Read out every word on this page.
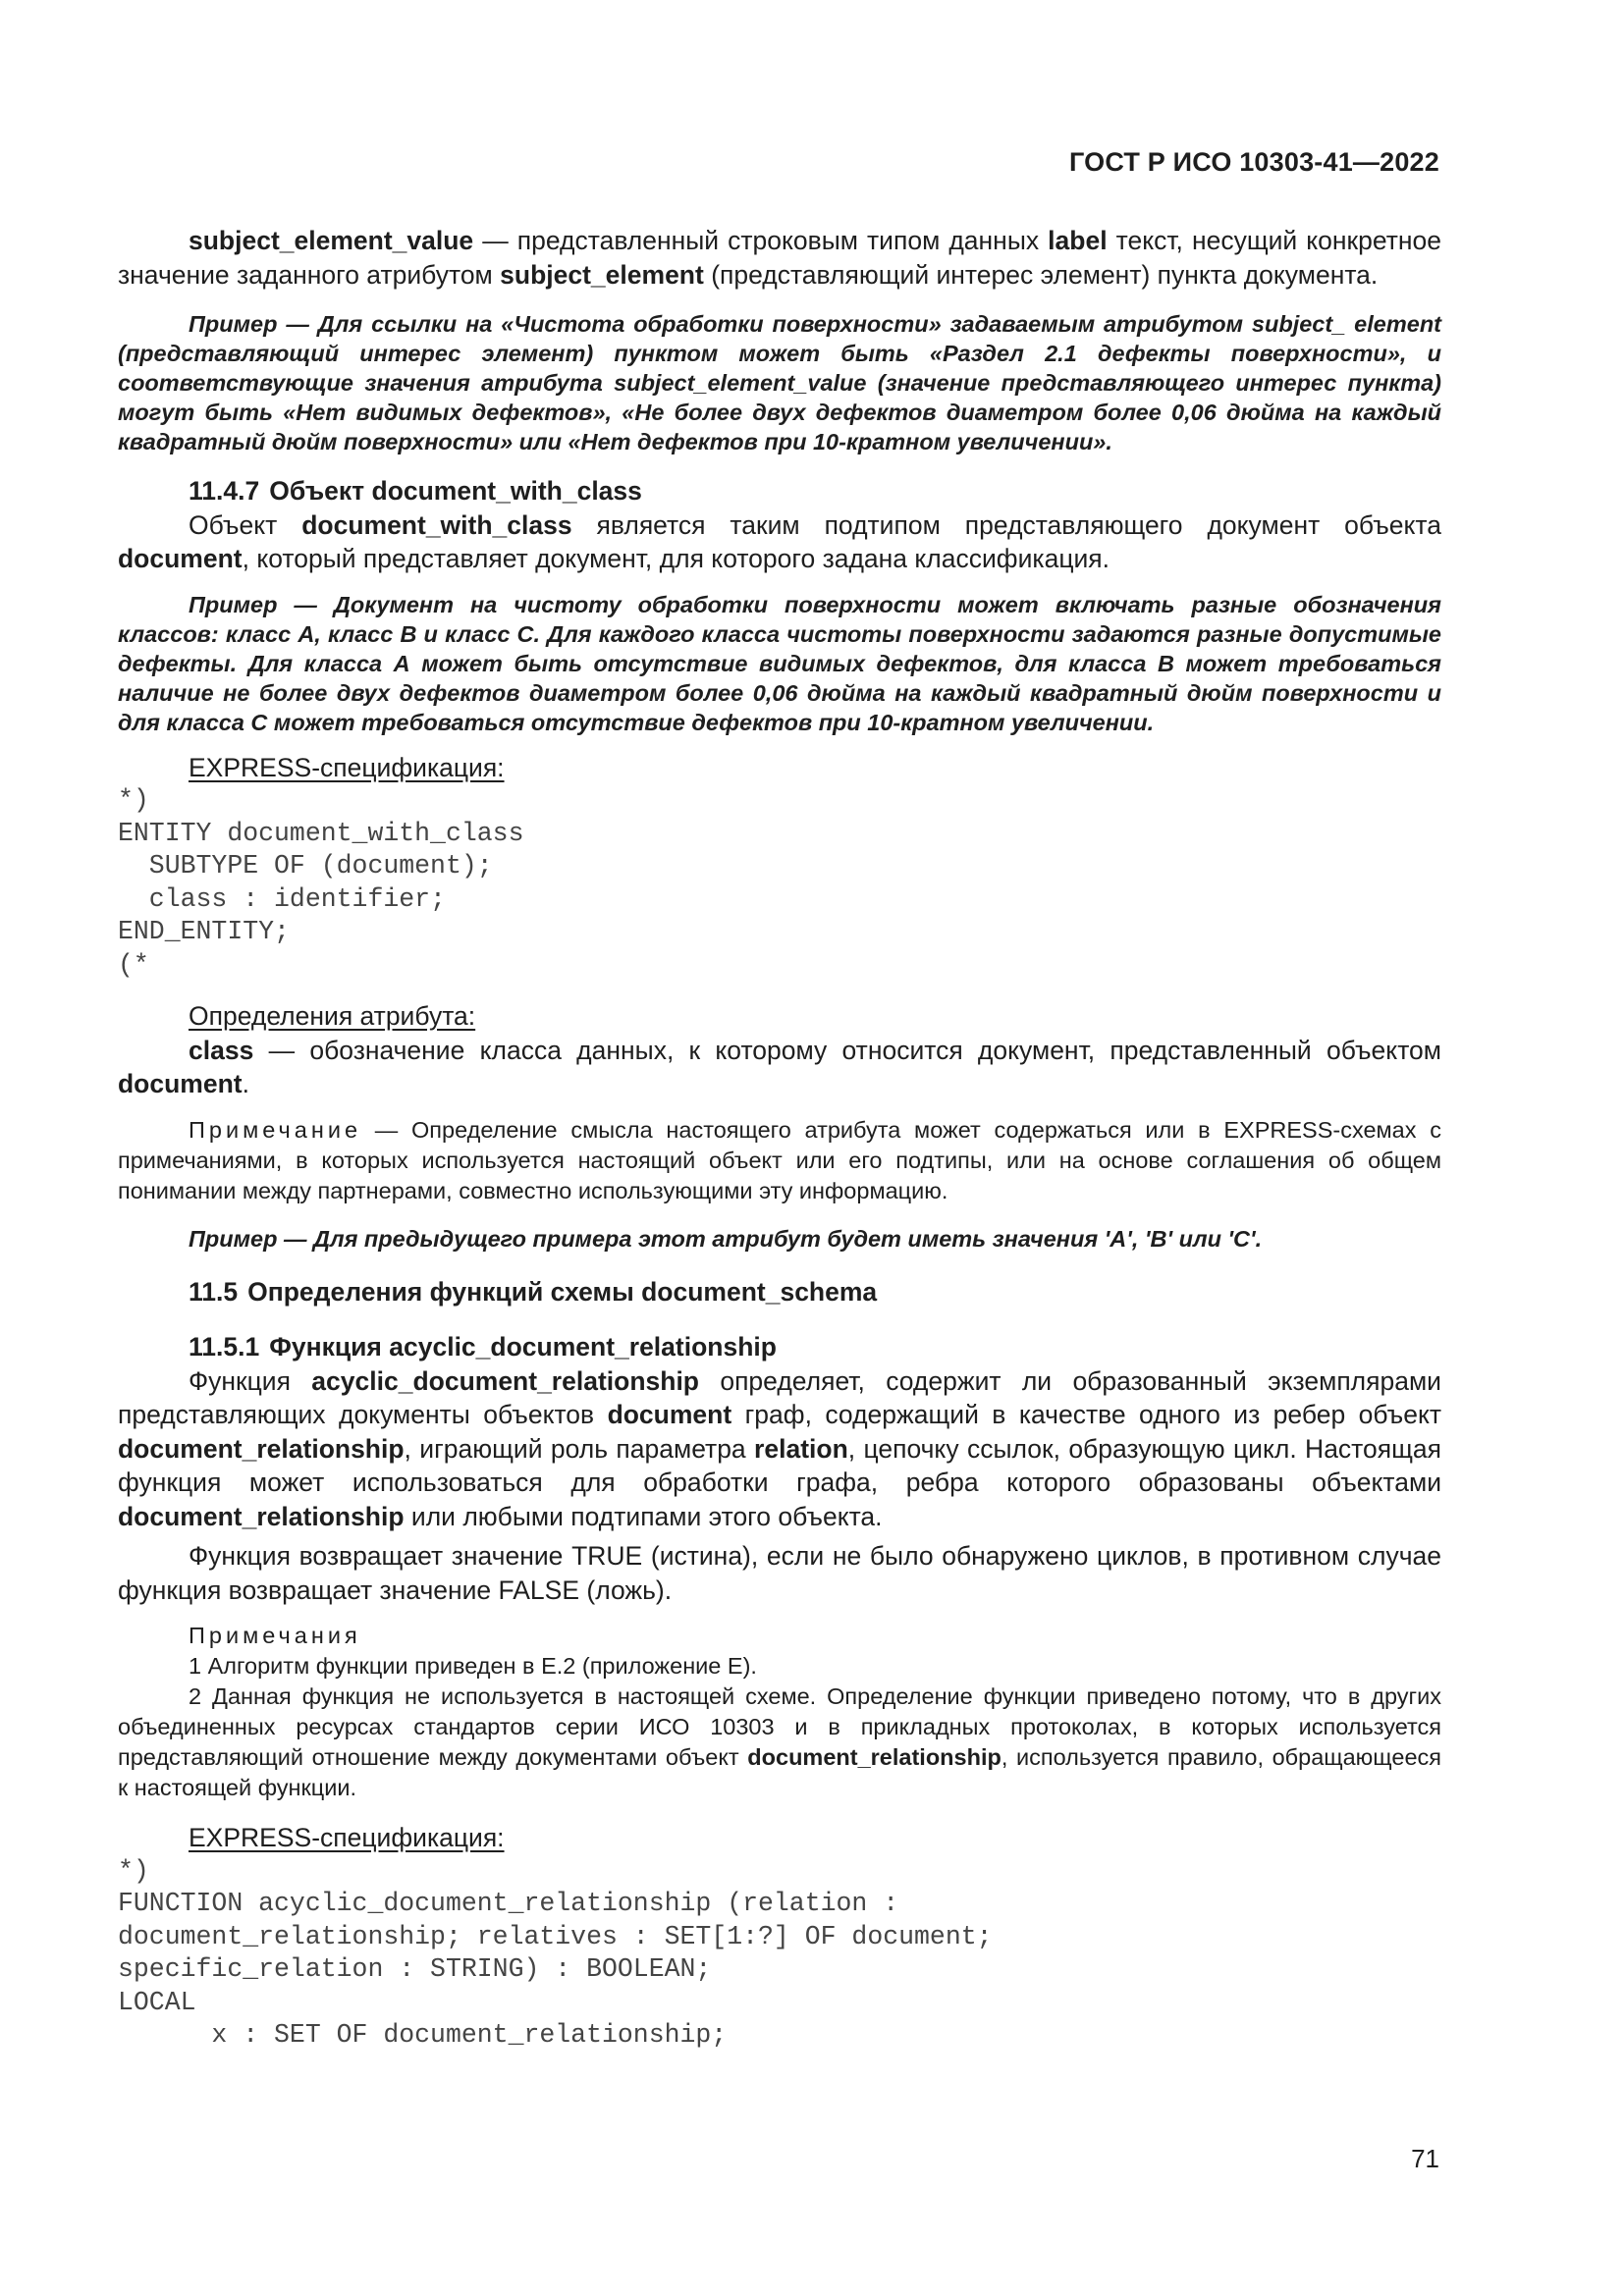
ГОСТ Р ИСО 10303-41—2022

subject_element_value — представленный строковым типом данных label текст, несущий конкретное значение заданного атрибутом subject_element (представляющий интерес элемент) пункта документа.

Пример — Для ссылки на «Чистота обработки поверхности» задаваемым атрибутом subject_ element (представляющий интерес элемент) пунктом может быть «Раздел 2.1 дефекты поверхности», и соответствующие значения атрибута subject_element_value (значение представляющего интерес пункта) могут быть «Нет видимых дефектов», «Не более двух дефектов диаметром более 0,06 дюйма на каждый квадратный дюйм поверхности» или «Нет дефектов при 10-кратном увеличении».

11.4.7 Объект document_with_class

Объект document_with_class является таким подтипом представляющего документ объекта document, который представляет документ, для которого задана классификация.

Пример — Документ на чистоту обработки поверхности может включать разные обозначения классов: класс А, класс В и класс С. Для каждого класса чистоты поверхности задаются разные допустимые дефекты. Для класса А может быть отсутствие видимых дефектов, для класса В может требоваться наличие не более двух дефектов диаметром более 0,06 дюйма на каждый квадратный дюйм поверхности и для класса С может требоваться отсутствие дефектов при 10-кратном увеличении.

EXPRESS-спецификация:

*)
ENTITY document_with_class
SUBTYPE OF (document);
class : identifier;
END_ENTITY;
(*

Определения атрибута:

class — обозначение класса данных, к которому относится документ, представленный объектом document.

Примечание — Определение смысла настоящего атрибута может содержаться или в EXPRESS-схемах с примечаниями, в которых используется настоящий объект или его подтипы, или на основе соглашения об общем понимании между партнерами, совместно использующими эту информацию.

Пример — Для предыдущего примера этот атрибут будет иметь значения 'A', 'B' или 'C'.

11.5 Определения функций схемы document_schema

11.5.1 Функция acyclic_document_relationship

Функция acyclic_document_relationship определяет, содержит ли образованный экземплярами представляющих документы объектов document граф, содержащий в качестве одного из ребер объект document_relationship, играющий роль параметра relation, цепочку ссылок, образующую цикл. Настоящая функция может использоваться для обработки графа, ребра которого образованы объектами document_relationship или любыми подтипами этого объекта.

Функция возвращает значение TRUE (истина), если не было обнаружено циклов, в противном случае функция возвращает значение FALSE (ложь).

Примечания

1 Алгоритм функции приведен в Е.2 (приложение Е).

2 Данная функция не используется в настоящей схеме. Определение функции приведено потому, что в других объединенных ресурсах стандартов серии ИСО 10303 и в прикладных протоколах, в которых используется представляющий отношение между документами объект document_relationship, используется правило, обращающееся к настоящей функции.

EXPRESS-спецификация:

*)
FUNCTION acyclic_document_relationship (relation :
document_relationship; relatives : SET[1:?] OF document;
specific_relation : STRING) : BOOLEAN;
LOCAL
x : SET OF document_relationship;
71
